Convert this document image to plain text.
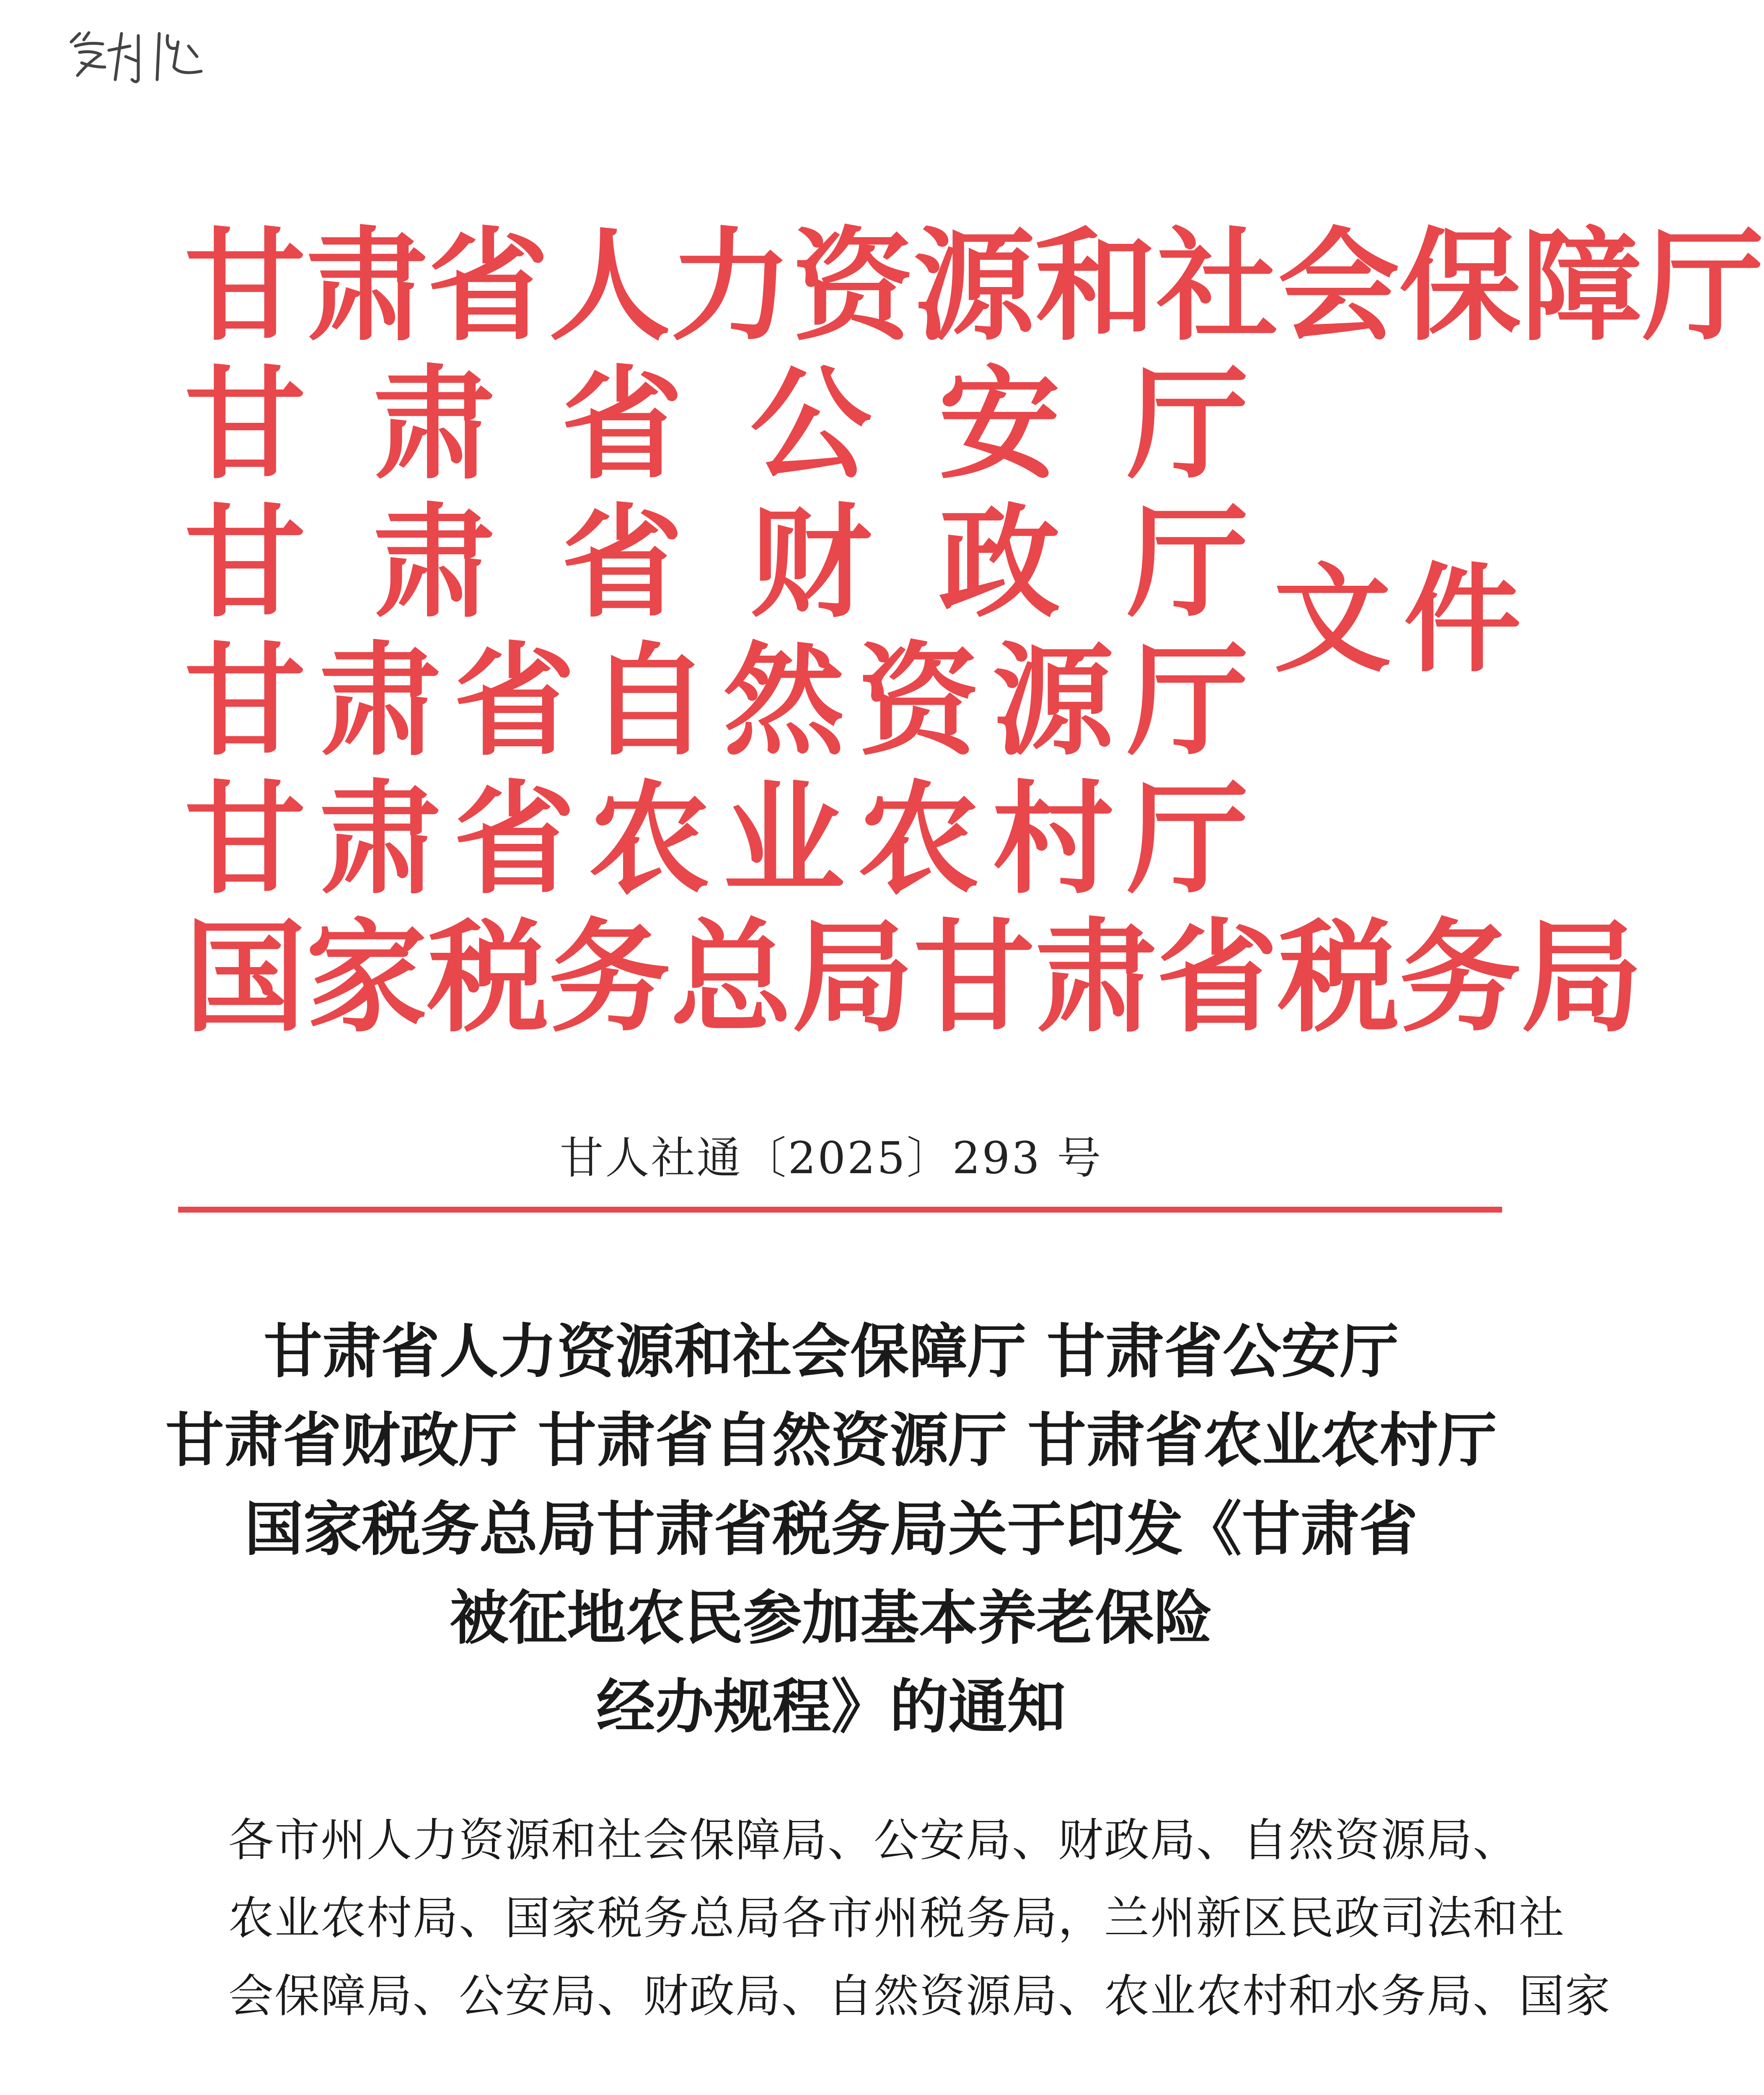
甘 肃 省 人 力 资 源 和 社 会 保 障 厅
甘 肃 省 公 安 厅
甘 肃 省 财 政 厅
甘 肃 省 自 然 资 源 厅
甘 肃 省 农 业 农 村 厅
国 家 税 务 总 局 甘 肃 省 税 务 局
文件
甘人社通〔2025〕293 号
甘肃省人力资源和社会保障厅 甘肃省公安厅
甘肃省财政厅 甘肃省自然资源厅 甘肃省农业农村厅
国家税务总局甘肃省税务局关于印发《甘肃省
被征地农民参加基本养老保险
经办规程》的通知
各市州人力资源和社会保障局、公安局、财政局、自然资源局、
农业农村局、国家税务总局各市州税务局，兰州新区民政司法和社
会保障局、公安局、财政局、自然资源局、农业农村和水务局、国家
